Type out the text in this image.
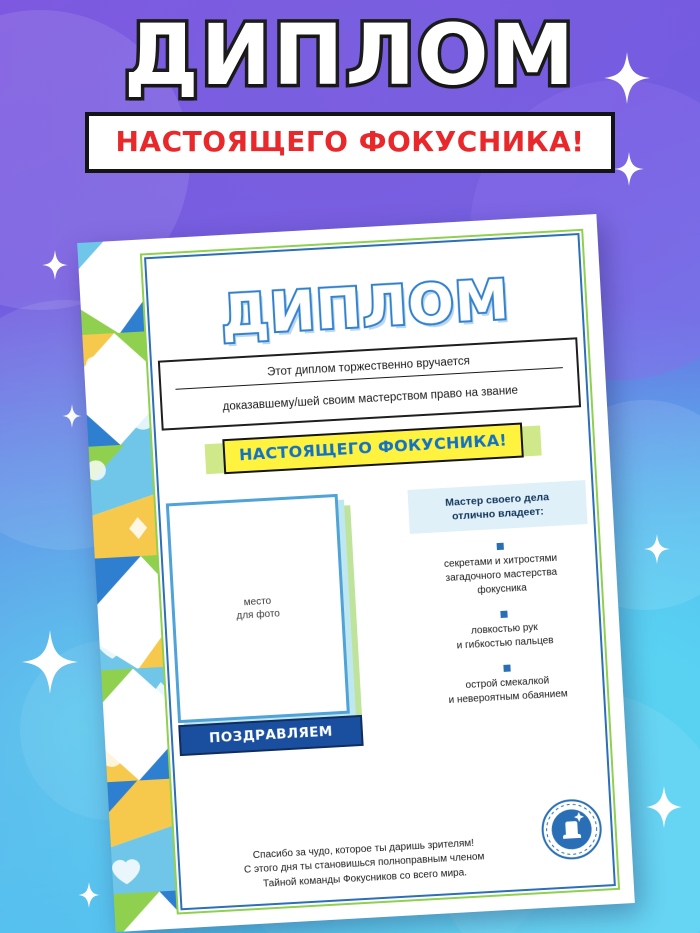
ДИПЛОМ
НАСТОЯЩЕГО ФОКУСНИКА!
ДИПЛОМ
Этот диплом торжественно вручается
доказавшему/шей своим мастерством право на звание
НАСТОЯЩЕГО ФОКУСНИКА!
место
для фото
Мастер своего дела
отлично владеет:
секретами и хитростями
загадочного мастерства
фокусника
ловкостью рук
и гибкостью пальцев
острой смекалкой
и невероятным обаянием
ПОЗДРАВЛЯЕМ
Спасибо за чудо, которое ты даришь зрителям!
С этого дня ты становишься полноправным членом
Тайной команды Фокусников со всего мира.
